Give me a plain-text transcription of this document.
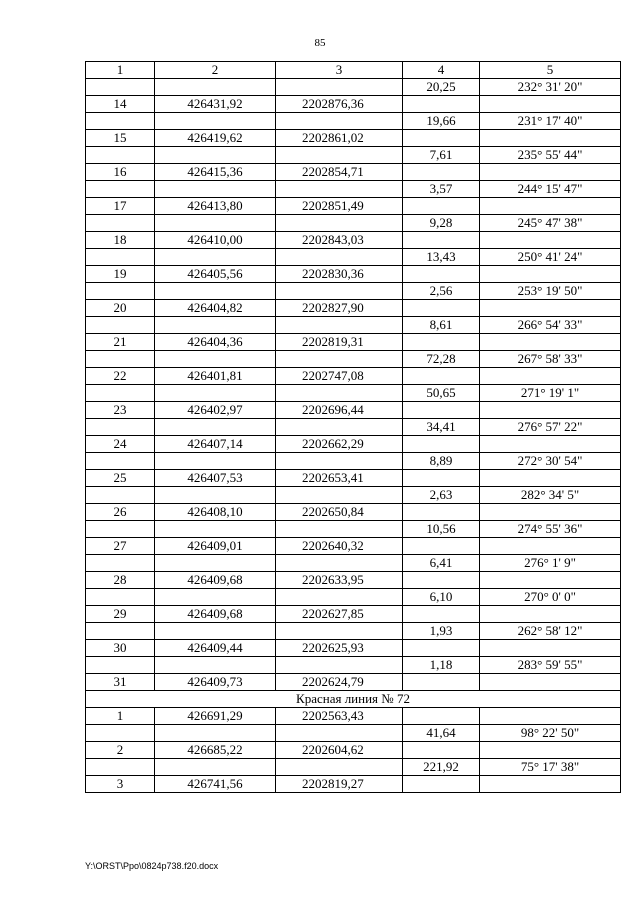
85
1	2	3	4	5
			20,25	232° 31' 20"
14	426431,92	2202876,36		
			19,66	231° 17' 40"
15	426419,62	2202861,02		
			7,61	235° 55' 44"
16	426415,36	2202854,71		
			3,57	244° 15' 47"
17	426413,80	2202851,49		
			9,28	245° 47' 38"
18	426410,00	2202843,03		
			13,43	250° 41' 24"
19	426405,56	2202830,36		
			2,56	253° 19' 50"
20	426404,82	2202827,90		
			8,61	266° 54' 33"
21	426404,36	2202819,31		
			72,28	267° 58' 33"
22	426401,81	2202747,08		
			50,65	271° 19' 1"
23	426402,97	2202696,44		
			34,41	276° 57' 22"
24	426407,14	2202662,29		
			8,89	272° 30' 54"
25	426407,53	2202653,41		
			2,63	282° 34' 5"
26	426408,10	2202650,84		
			10,56	274° 55' 36"
27	426409,01	2202640,32		
			6,41	276° 1' 9"
28	426409,68	2202633,95		
			6,10	270° 0' 0"
29	426409,68	2202627,85		
			1,93	262° 58' 12"
30	426409,44	2202625,93		
			1,18	283° 59' 55"
31	426409,73	2202624,79		
Красная линия № 72				
1	426691,29	2202563,43		
			41,64	98° 22' 50"
2	426685,22	2202604,62		
			221,92	75° 17' 38"
3	426741,56	2202819,27		
Y:\ORST\Ppo\0824p738.f20.docx
